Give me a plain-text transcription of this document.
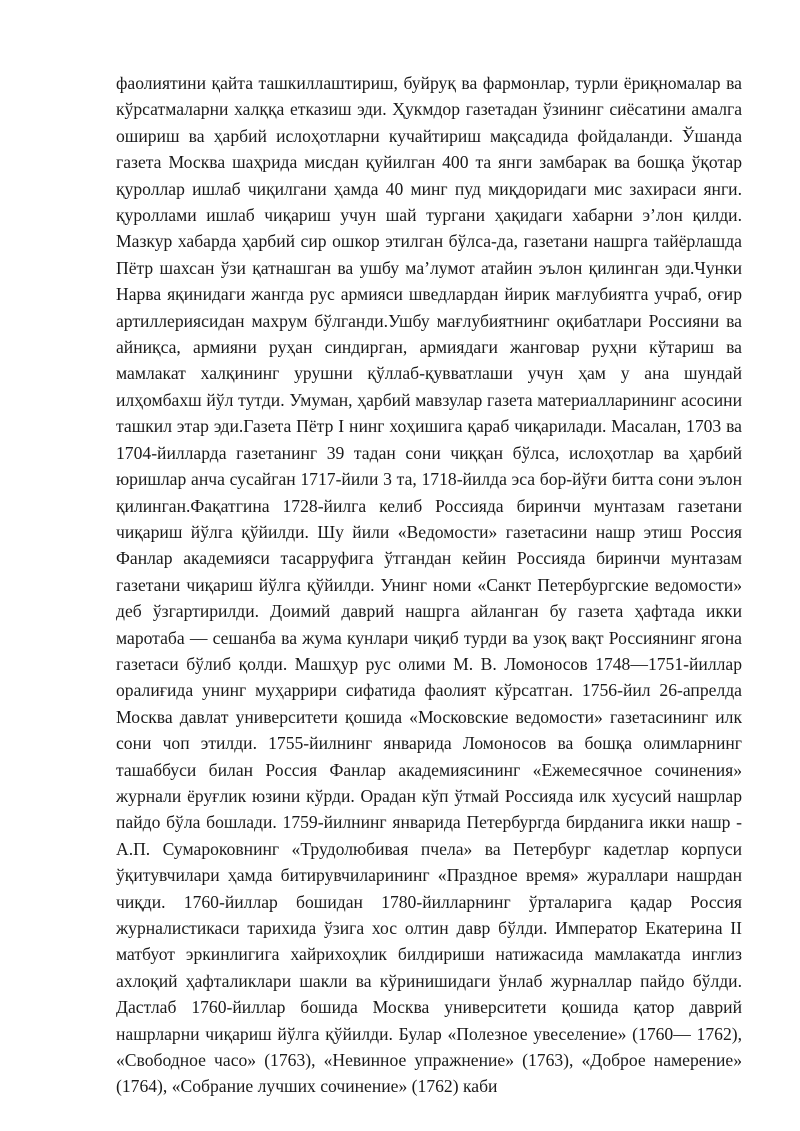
фаолиятини қайта ташкиллаштириш, буйруқ ва фармонлар, турли ёриқномалар ва кўрсатмаларни халққа етказиш эди. Ҳукмдор газетадан ўзининг сиёсатини амалга ошириш ва ҳарбий ислоҳотларни кучайтириш мақсадида фойдаланди. Ўшанда газета Москва шаҳрида мисдан қуйилган 400 та янги замбарак ва бошқа ўқотар қуроллар ишлаб чиқилгани ҳамда 40 минг пуд миқдоридаги мис захираси янги. қуроллами ишлаб чиқариш учун шай тургани ҳақидаги хабарни эʼлон қилди. Мазкур хабарда ҳарбий сир ошкор этилган бўлса-да, газетани нашрга тайёрлашда Пётр шахсан ўзи қатнашган ва ушбу маʼлумот атайин эълон қилинган эди.Чунки Нарва яқинидаги жангда рус армияси шведлардан йирик мағлубиятга учраб, оғир артиллериясидан махрум бўлганди.Ушбу мағлубиятнинг оқибатлари Россияни ва айниқса, армияни руҳан синдирган, армиядаги жанговар руҳни кўтариш ва мамлакат халқининг урушни қўллаб-қувватлаши учун ҳам у ана шундай илҳомбахш йўл тутди. Умуман, ҳарбий мавзулар газета материалларининг асосини ташкил этар эди.Газета Пётр I нинг хоҳишига қараб чиқарилади. Масалан, 1703 ва 1704-йилларда газетанинг 39 тадан сони чиққан бўлса, ислоҳотлар ва ҳарбий юришлар анча сусайган 1717-йили 3 та, 1718-йилда эса бор-йўғи битта сони эълон қилинган.Фақатгина 1728-йилга келиб Россияда биринчи мунтазам газетани чиқариш йўлга қўйилди. Шу йили «Ведомости» газетасини нашр этиш Россия Фанлар академияси тасарруфига ўтгандан кейин Россияда биринчи мунтазам газетани чиқариш йўлга қўйилди. Унинг номи «Санкт Петербургские ведомости» деб ўзгартирилди. Доимий даврий нашрга айланган бу газета ҳафтада икки маротаба — сешанба ва жума кунлари чиқиб турди ва узоқ вақт Россиянинг ягона газетаси бўлиб қолди. Машҳур рус олими М. В. Ломоносов 1748—1751-йиллар оралиғида унинг муҳаррири сифатида фаолият кўрсатган. 1756-йил 26-апрелда Москва давлат университети қошида «Московские ведомости» газетасининг илк сони чоп этилди. 1755-йилнинг январида Ломоносов ва бошқа олимларнинг ташаббуси билан Россия Фанлар академиясининг «Ежемесячное сочинения» журнали ёруғлик юзини кўрди. Орадан кўп ўтмай Россияда илк хусусий нашрлар пайдо бўла бошлади. 1759-йилнинг январида Петербургда бирданига икки нашр - А.П. Сумароковнинг «Трудолюбивая пчела» ва Петербург кадетлар корпуси ўқитувчилари ҳамда битирувчиларининг «Праздное время» жураллари нашрдан чиқди. 1760-йиллар бошидан 1780-йилларнинг ўрталарига қадар Россия журналистикаси тарихида ўзига хос олтин давр бўлди. Император Екатерина II матбуот эркинлигига хайрихоҳлик билдириши натижасида мамлакатда инглиз ахлоқий ҳафталиклари шакли ва кўринишидаги ўнлаб журналлар пайдо бўлди. Дастлаб 1760-йиллар бошида Москва университети қошида қатор даврий нашрларни чиқариш йўлга қўйилди. Булар «Полезное увеселение» (1760— 1762), «Свободное часо» (1763), «Невинное упражнение» (1763), «Доброе намерение» (1764), «Собрание лучших сочинение» (1762) каби
